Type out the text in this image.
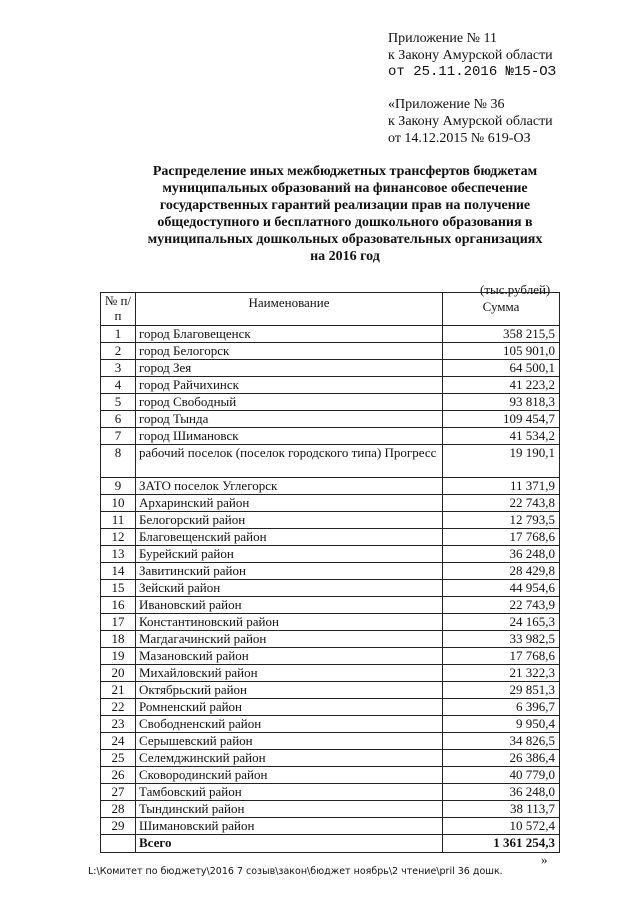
Приложение № 11
к Закону Амурской области
от 25.11.2016 №15-ОЗ
«Приложение № 36
к Закону Амурской области
от 14.12.2015 № 619-ОЗ
Распределение иных межбюджетных трансфертов бюджетам муниципальных образований на финансовое обеспечение государственных гарантий реализации прав на получение общедоступного и бесплатного дошкольного образования в муниципальных дошкольных образовательных организациях на 2016 год
(тыс.рублей)
№ п/п	Наименование	Сумма
1	город Благовещенск	358 215,5
2	город Белогорск	105 901,0
3	город Зея	64 500,1
4	город Райчихинск	41 223,2
5	город Свободный	93 818,3
6	город Тында	109 454,7
7	город Шимановск	41 534,2
8	рабочий поселок (поселок городского типа) Прогресс	19 190,1
9	ЗАТО поселок Углегорск	11 371,9
10	Архаринский район	22 743,8
11	Белогорский район	12 793,5
12	Благовещенский район	17 768,6
13	Бурейский район	36 248,0
14	Завитинский район	28 429,8
15	Зейский район	44 954,6
16	Ивановский район	22 743,9
17	Константиновский район	24 165,3
18	Магдагачинский район	33 982,5
19	Мазановский район	17 768,6
20	Михайловский район	21 322,3
21	Октябрьский район	29 851,3
22	Ромненский район	6 396,7
23	Свободненский район	9 950,4
24	Серышевский район	34 826,5
25	Селемджинский район	26 386,4
26	Сковородинский район	40 779,0
27	Тамбовский район	36 248,0
28	Тындинский район	38 113,7
29	Шимановский район	10 572,4
	Всего	1 361 254,3
»
L:\Комитет по бюджету\2016 7 созыв\закон\бюджет ноябрь\2 чтение\pril 36 дошк.
